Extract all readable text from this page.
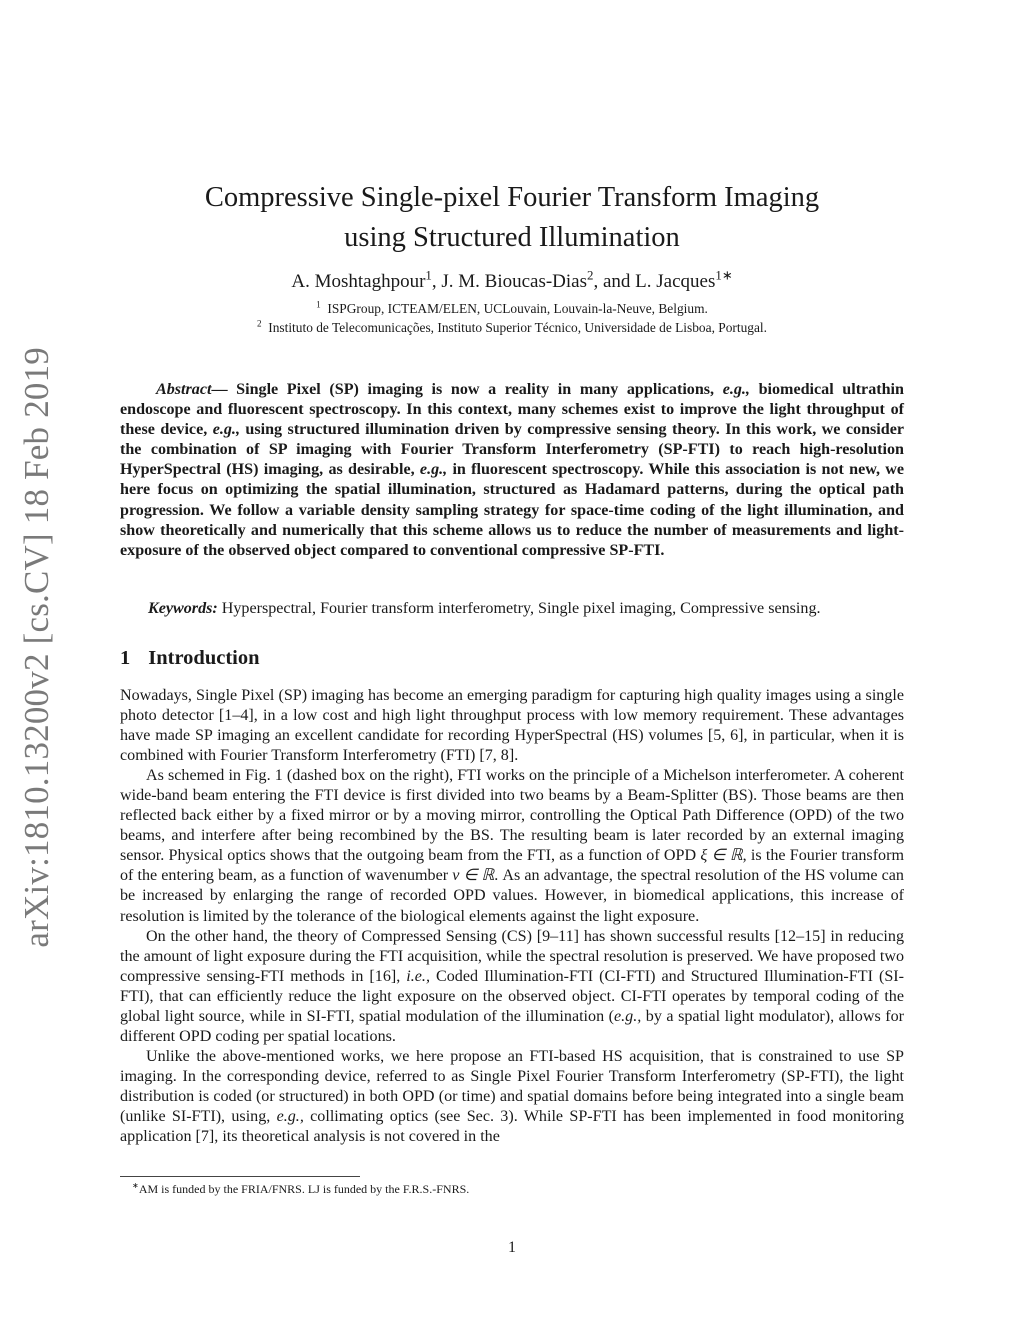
arXiv:1810.13200v2 [cs.CV] 18 Feb 2019
Compressive Single-pixel Fourier Transform Imaging
using Structured Illumination
A. Moshtaghpour$^1$, J. M. Bioucas-Dias$^2$, and L. Jacques$^{1∗}$
$^1$ ISPGroup, ICTEAM/ELEN, UCLouvain, Louvain-la-Neuve, Belgium.
$^2$ Instituto de Telecomunicações, Instituto Superior Técnico, Universidade de Lisboa, Portugal.
Abstract— Single Pixel (SP) imaging is now a reality in many applications, e.g., biomedical ultrathin endoscope and fluorescent spectroscopy. In this context, many schemes exist to improve the light throughput of these device, e.g., using structured illumination driven by compressive sensing theory. In this work, we consider the combination of SP imaging with Fourier Transform Interferometry (SP-FTI) to reach high-resolution HyperSpectral (HS) imaging, as desirable, e.g., in fluorescent spectroscopy. While this association is not new, we here focus on optimizing the spatial illumination, structured as Hadamard patterns, during the optical path progression. We follow a variable density sampling strategy for space-time coding of the light illumination, and show theoretically and numerically that this scheme allows us to reduce the number of measurements and light-exposure of the observed object compared to conventional compressive SP-FTI.
Keywords: Hyperspectral, Fourier transform interferometry, Single pixel imaging, Compressive sensing.
1 Introduction

Nowadays, Single Pixel (SP) imaging has become an emerging paradigm for capturing high quality images using a single photo detector [1–4], in a low cost and high light throughput process with low memory requirement. These advantages have made SP imaging an excellent candidate for recording HyperSpectral (HS) volumes [5, 6], in particular, when it is combined with Fourier Transform Interferometry (FTI) [7, 8].

As schemed in Fig. 1 (dashed box on the right), FTI works on the principle of a Michelson interferometer. A coherent wide-band beam entering the FTI device is first divided into two beams by a Beam-Splitter (BS). Those beams are then reflected back either by a fixed mirror or by a moving mirror, controlling the Optical Path Difference (OPD) of the two beams, and interfere after being recombined by the BS. The resulting beam is later recorded by an external imaging sensor. Physical optics shows that the outgoing beam from the FTI, as a function of OPD ξ ∈ ℝ, is the Fourier transform of the entering beam, as a function of wavenumber ν ∈ ℝ. As an advantage, the spectral resolution of the HS volume can be increased by enlarging the range of recorded OPD values. However, in biomedical applications, this increase of resolution is limited by the tolerance of the biological elements against the light exposure.

On the other hand, the theory of Compressed Sensing (CS) [9–11] has shown successful results [12–15] in reducing the amount of light exposure during the FTI acquisition, while the spectral resolution is preserved. We have proposed two compressive sensing-FTI methods in [16], i.e., Coded Illumination-FTI (CI-FTI) and Structured Illumination-FTI (SI-FTI), that can efficiently reduce the light exposure on the observed object. CI-FTI operates by temporal coding of the global light source, while in SI-FTI, spatial modulation of the illumination (e.g., by a spatial light modulator), allows for different OPD coding per spatial locations.

Unlike the above-mentioned works, we here propose an FTI-based HS acquisition, that is constrained to use SP imaging. In the corresponding device, referred to as Single Pixel Fourier Transform Interferometry (SP-FTI), the light distribution is coded (or structured) in both OPD (or time) and spatial domains before being integrated into a single beam (unlike SI-FTI), using, e.g., collimating optics (see Sec. 3). While SP-FTI has been implemented in food monitoring application [7], its theoretical analysis is not covered in the

∗AM is funded by the FRIA/FNRS. LJ is funded by the F.R.S.-FNRS.
1
